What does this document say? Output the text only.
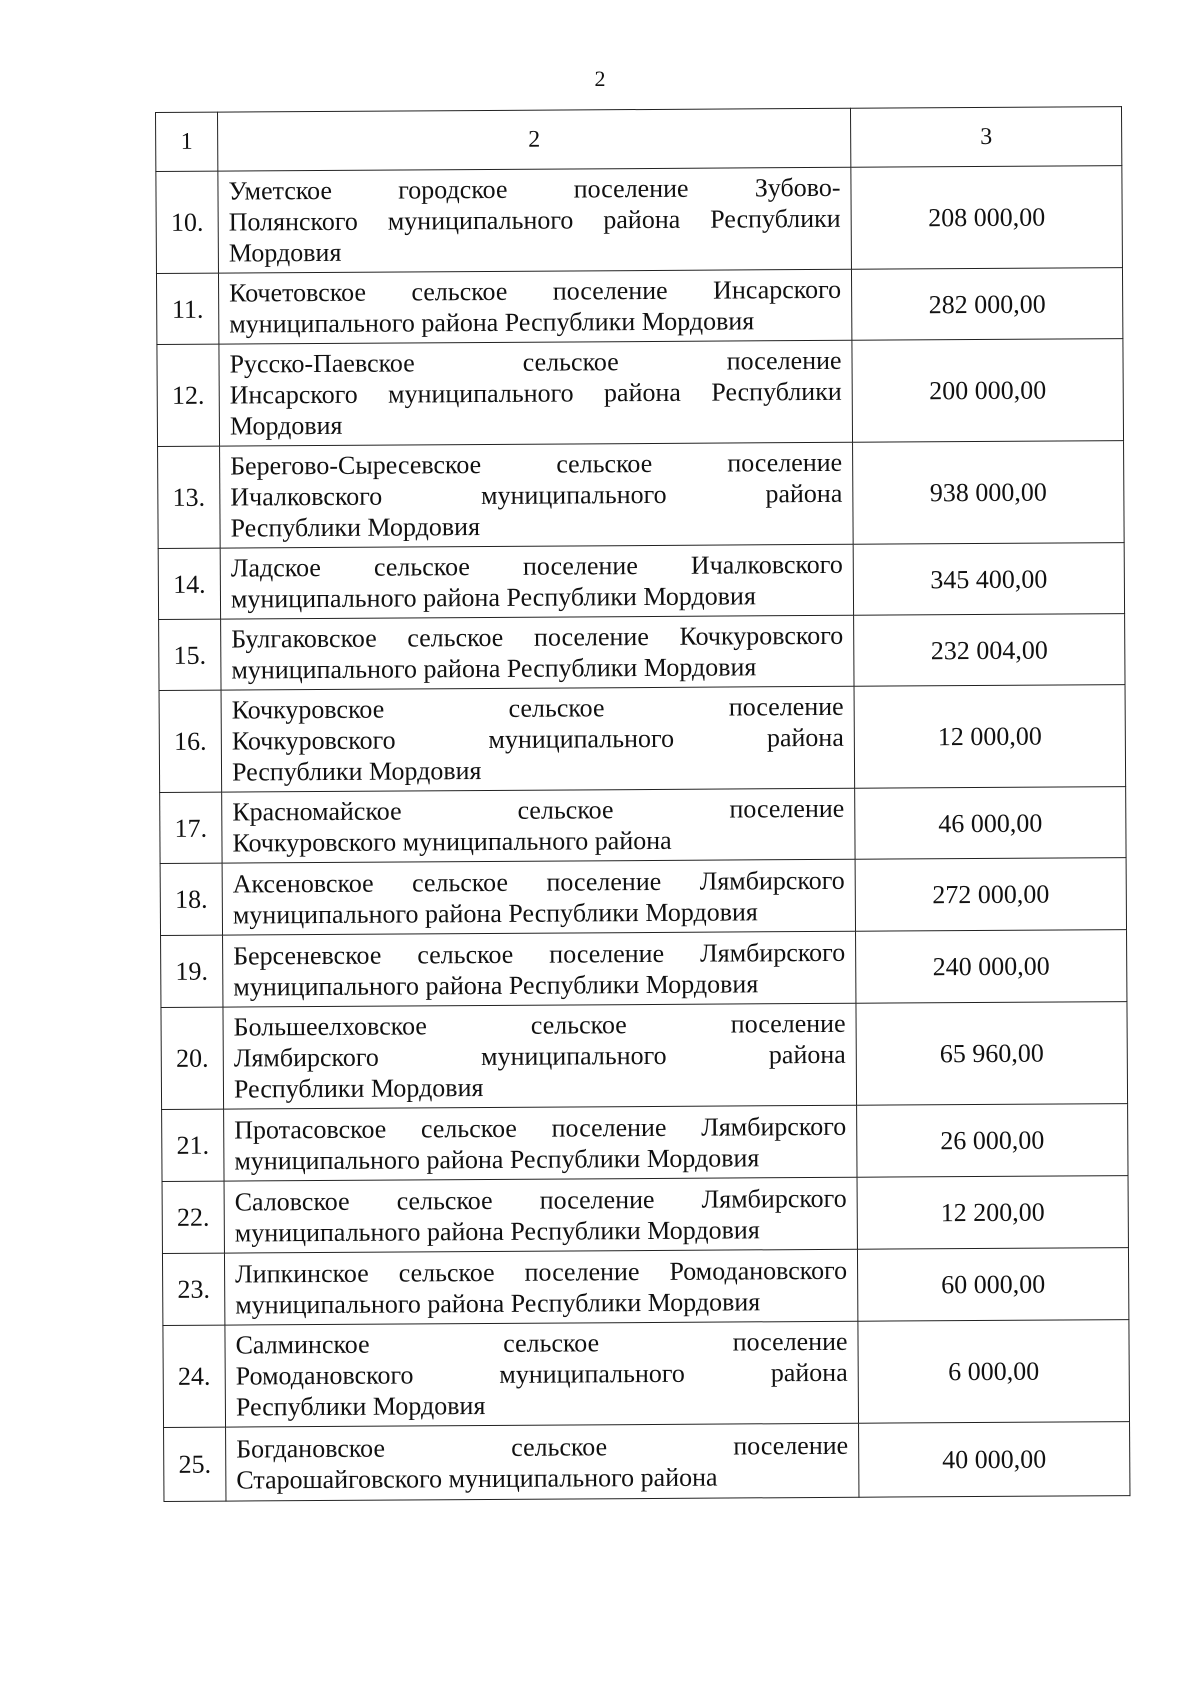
2
1	2	3
10.	Уметское городское поселение Зубово-
Полянского муниципального района Республики
Мордовия	208 000,00
11.	Кочетовское сельское поселение Инсарского
муниципального района Республики Мордовия	282 000,00
12.	Русско-Паевское сельское поселение
Инсарского муниципального района Республики
Мордовия	200 000,00
13.	Берегово-Сыресевское сельское поселение
Ичалковского муниципального района
Республики Мордовия	938 000,00
14.	Ладское сельское поселение Ичалковского
муниципального района Республики Мордовия	345 400,00
15.	Булгаковское сельское поселение Кочкуровского
муниципального района Республики Мордовия	232 004,00
16.	Кочкуровское сельское поселение
Кочкуровского муниципального района
Республики Мордовия	12 000,00
17.	Красномайское сельское поселение
Кочкуровского муниципального района	46 000,00
18.	Аксеновское сельское поселение Лямбирского
муниципального района Республики Мордовия	272 000,00
19.	Берсеневское сельское поселение Лямбирского
муниципального района Республики Мордовия	240 000,00
20.	Большеелховское сельское поселение
Лямбирского муниципального района
Республики Мордовия	65 960,00
21.	Протасовское сельское поселение Лямбирского
муниципального района Республики Мордовия	26 000,00
22.	Саловское сельское поселение Лямбирского
муниципального района Республики Мордовия	12 200,00
23.	Липкинское сельское поселение Ромодановского
муниципального района Республики Мордовия	60 000,00
24.	Салминское сельское поселение
Ромодановского муниципального района
Республики Мордовия	6 000,00
25.	Богдановское сельское поселение
Старошайговского муниципального района	40 000,00
